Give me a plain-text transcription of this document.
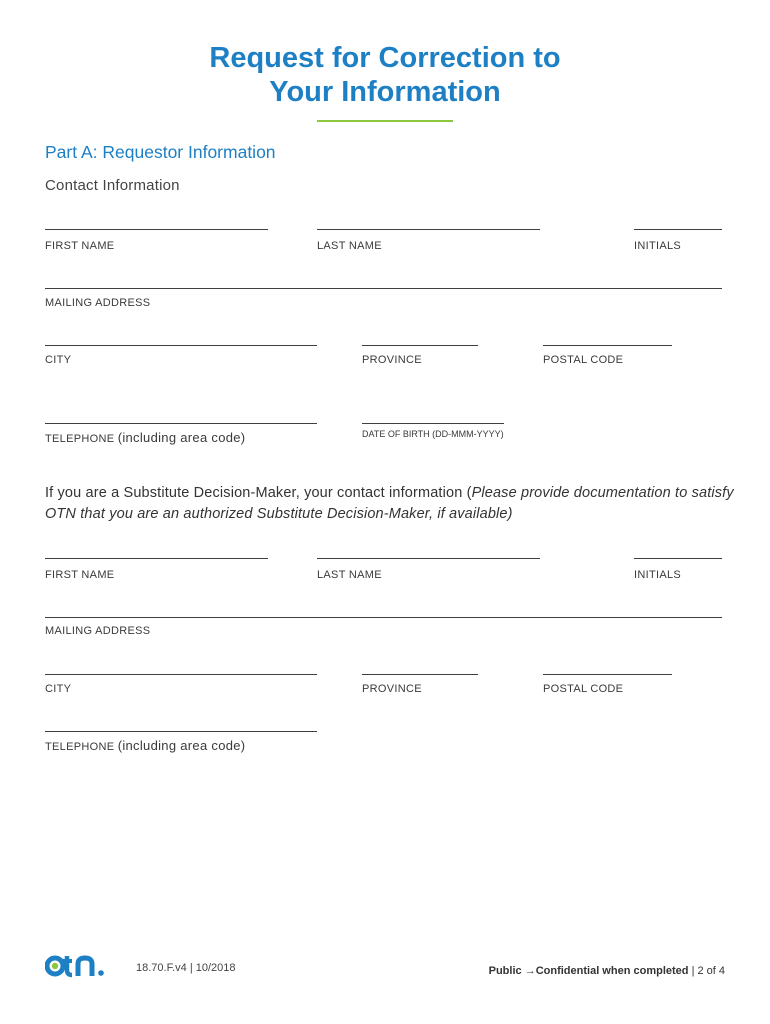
Request for Correction to
Your Information
Part A: Requestor Information
Contact Information
FIRST NAME	LAST NAME	INITIALS
MAILING ADDRESS
CITY	PROVINCE	POSTAL CODE
TELEPHONE (including area code)	DATE OF BIRTH (DD-MMM-YYYY)
If you are a Substitute Decision-Maker, your contact information (Please provide documentation to satisfy OTN that you are an authorized Substitute Decision-Maker, if available)
FIRST NAME	LAST NAME	INITIALS
MAILING ADDRESS
CITY	PROVINCE	POSTAL CODE
TELEPHONE (including area code)
18.70.F.v4 | 10/2018	Public →Confidential when completed | 2 of 4
